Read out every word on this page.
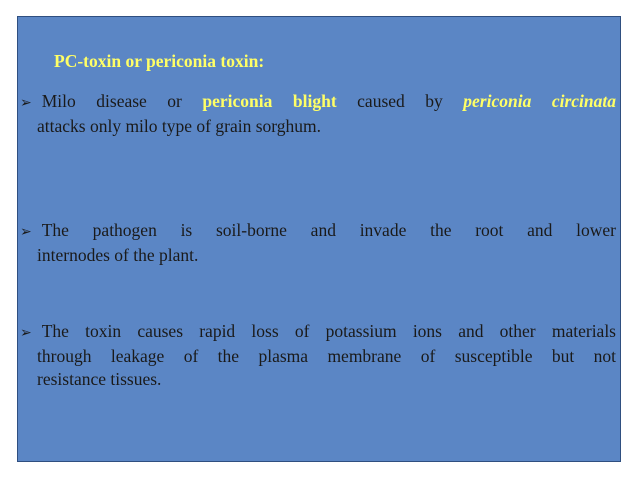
PC-toxin or periconia toxin:
➢ Milo disease or periconia blight caused by periconia circinata
attacks only milo type of grain sorghum.
➢ The pathogen is soil-borne and invade the root and lower
internodes of the plant.
➢ The toxin causes rapid loss of potassium ions and other materials
through leakage of the plasma membrane of susceptible but not
resistance tissues.
